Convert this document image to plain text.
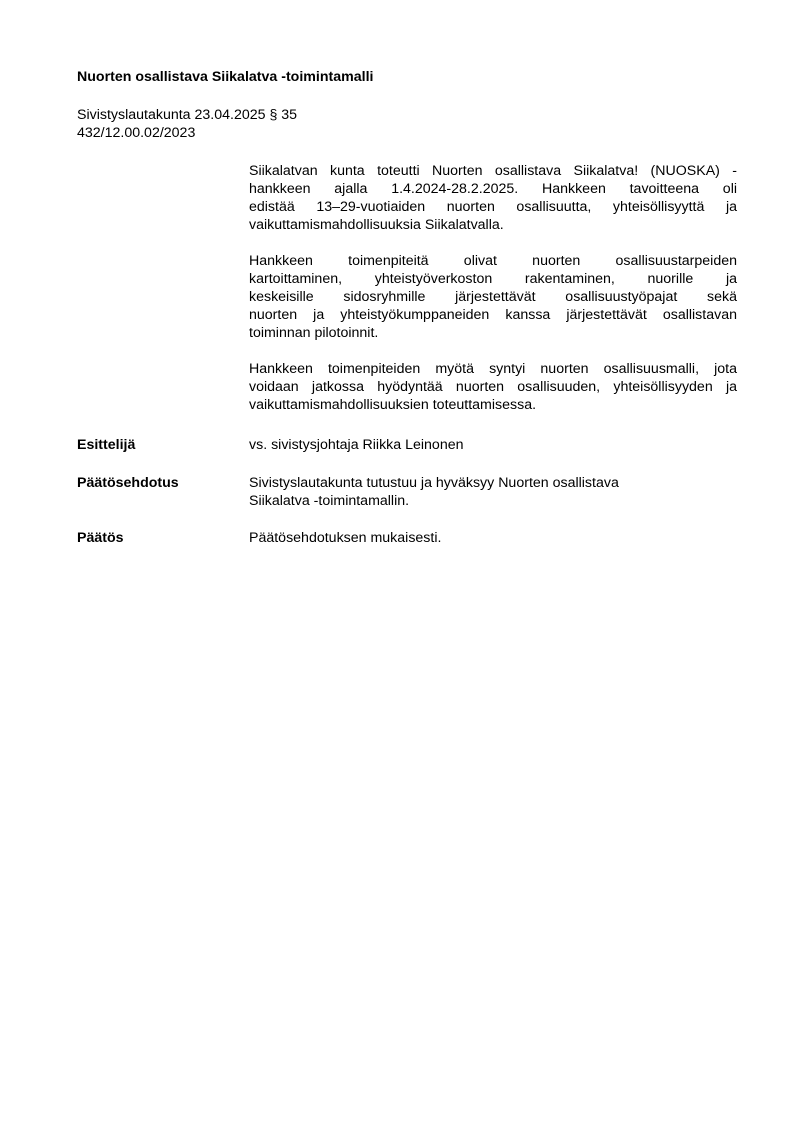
Nuorten osallistava Siikalatva -toimintamalli
Sivistyslautakunta 23.04.2025 § 35
432/12.00.02/2023
Siikalatvan kunta toteutti Nuorten osallistava Siikalatva! (NUOSKA) -
hankkeen ajalla 1.4.2024-28.2.2025. Hankkeen tavoitteena oli
edistää 13–29-vuotiaiden nuorten osallisuutta, yhteisöllisyyttä ja
vaikuttamismahdollisuuksia Siikalatvalla.
Hankkeen toimenpiteitä olivat nuorten osallisuustarpeiden
kartoittaminen, yhteistyöverkoston rakentaminen, nuorille ja
keskeisille sidosryhmille järjestettävät osallisuustyöpajat sekä
nuorten ja yhteistyökumppaneiden kanssa järjestettävät osallistavan
toiminnan pilotoinnit.
Hankkeen toimenpiteiden myötä syntyi nuorten osallisuusmalli, jota
voidaan jatkossa hyödyntää nuorten osallisuuden, yhteisöllisyyden ja
vaikuttamismahdollisuuksien toteuttamisessa.
Esittelijä	vs. sivistysjohtaja Riikka Leinonen
Päätösehdotus	Sivistyslautakunta tutustuu ja hyväksyy Nuorten osallistava
Siikalatva -toimintamallin.
Päätös	Päätösehdotuksen mukaisesti.
